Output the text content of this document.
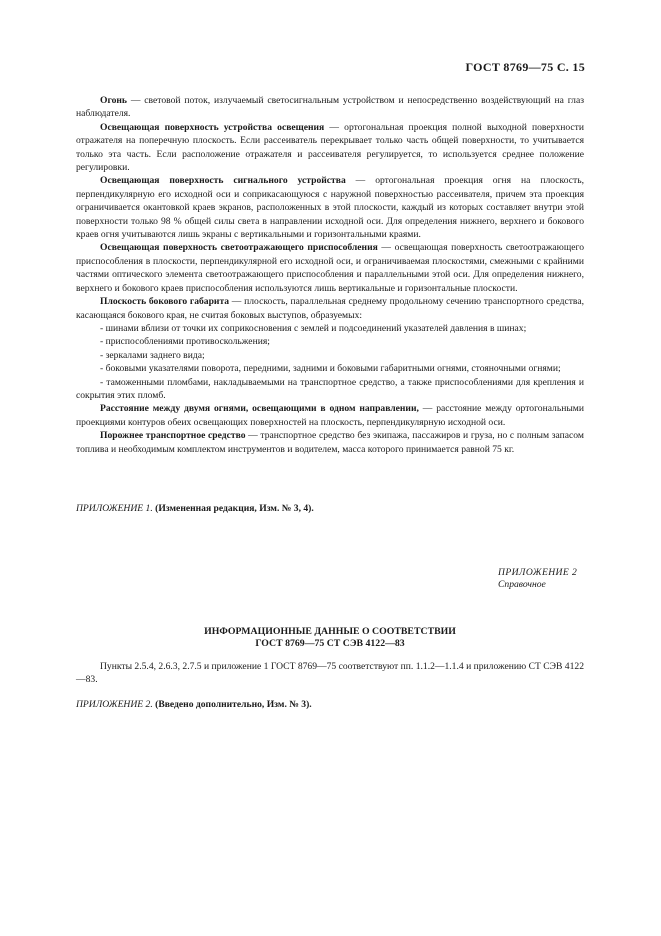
ГОСТ 8769—75 С. 15

Огонь — световой поток, излучаемый светосигнальным устройством и непосредственно воздействующий на глаз наблюдателя.

Освещающая поверхность устройства освещения — ортогональная проекция полной выходной поверхности отражателя на поперечную плоскость. Если рассеиватель перекрывает только часть общей поверхности, то учитывается только эта часть. Если расположение отражателя и рассеивателя регулируется, то используется среднее положение регулировки.

Освещающая поверхность сигнального устройства — ортогональная проекция огня на плоскость, перпендикулярную его исходной оси и соприкасающуюся с наружной поверхностью рассеивателя, причем эта проекция ограничивается окантовкой краев экранов, расположенных в этой плоскости, каждый из которых составляет внутри этой поверхности только 98 % общей силы света в направлении исходной оси. Для определения нижнего, верхнего и бокового краев огня учитываются лишь экраны с вертикальными и горизонтальными краями.

Освещающая поверхность светоотражающего приспособления — освещающая поверхность светоотражающего приспособления в плоскости, перпендикулярной его исходной оси, и ограничиваемая плоскостями, смежными с крайними частями оптического элемента светоотражающего приспособления и параллельными этой оси. Для определения нижнего, верхнего и бокового краев приспособления используются лишь вертикальные и горизонтальные плоскости.

Плоскость бокового габарита — плоскость, параллельная среднему продольному сечению транспортного средства, касающаяся бокового края, не считая боковых выступов, образуемых:

- шинами вблизи от точки их соприкосновения с землей и подсоединений указателей давления в шинах;

- приспособлениями противоскольжения;

- зеркалами заднего вида;

- боковыми указателями поворота, передними, задними и боковыми габаритными огнями, стояночными огнями;

- таможенными пломбами, накладываемыми на транспортное средство, а также приспособлениями для крепления и сокрытия этих пломб.

Расстояние между двумя огнями, освещающими в одном направлении, — расстояние между ортогональными проекциями контуров обеих освещающих поверхностей на плоскость, перпендикулярную исходной оси.

Порожнее транспортное средство — транспортное средство без экипажа, пассажиров и груза, но с полным запасом топлива и необходимым комплектом инструментов и водителем, масса которого принимается равной 75 кг.

ПРИЛОЖЕНИЕ 1. (Измененная редакция, Изм. № 3, 4).
ПРИЛОЖЕНИЕ 2
Справочное
ИНФОРМАЦИОННЫЕ ДАННЫЕ О СООТВЕТСТВИИ
ГОСТ 8769—75 СТ СЭВ 4122—83
Пункты 2.5.4, 2.6.3, 2.7.5 и приложение 1 ГОСТ 8769—75 соответствуют пп. 1.1.2—1.1.4 и приложению СТ СЭВ 4122—83.
ПРИЛОЖЕНИЕ 2. (Введено дополнительно, Изм. № 3).
